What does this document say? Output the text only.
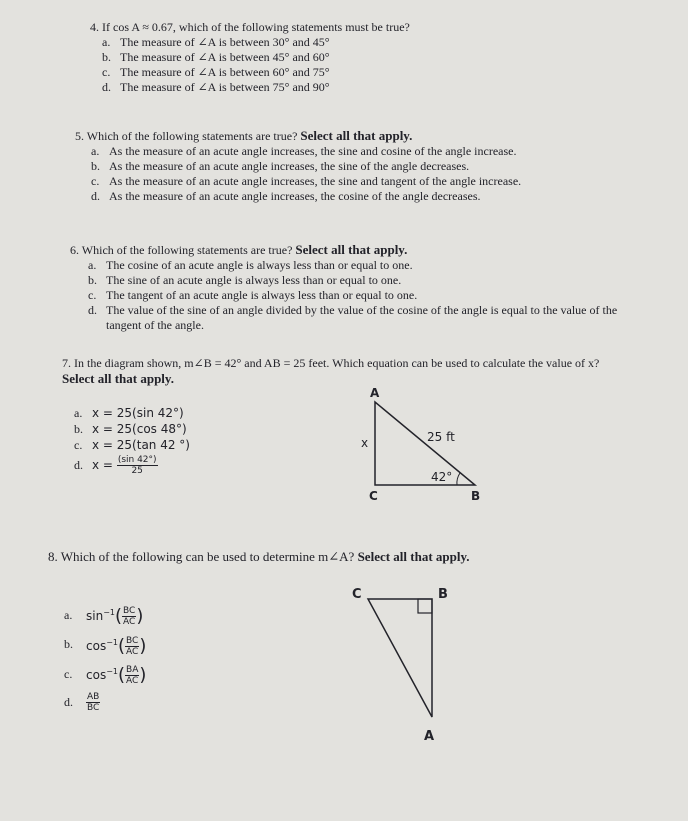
4. If cos A ≈ 0.67, which of the following statements must be true?
a. The measure of ∠A is between 30° and 45°
b. The measure of ∠A is between 45° and 60°
c. The measure of ∠A is between 60° and 75°
d. The measure of ∠A is between 75° and 90°
5. Which of the following statements are true? Select all that apply.
a. As the measure of an acute angle increases, the sine and cosine of the angle increase.
b. As the measure of an acute angle increases, the sine of the angle decreases.
c. As the measure of an acute angle increases, the sine and tangent of the angle increase.
d. As the measure of an acute angle increases, the cosine of the angle decreases.
6. Which of the following statements are true? Select all that apply.
a. The cosine of an acute angle is always less than or equal to one.
b. The sine of an acute angle is always less than or equal to one.
c. The tangent of an acute angle is always less than or equal to one.
d. The value of the sine of an angle divided by the value of the cosine of the angle is equal to the value of the tangent of the angle.
7. In the diagram shown, m∠B = 42° and AB = 25 feet. Which equation can be used to calculate the value of x? Select all that apply.
a. x = 25(sin 42°)
b. x = 25(cos 48°)
c. x = 25(tan 42 °)
d. $x = \frac{(\sin 42^\circ)}{25}$
A
C	B
x	25 ft
42°
8. Which of the following can be used to determine m∠A? Select all that apply.
a.	$\sin^{-1}( \frac{BC}{AC}$ )
b.	$\cos^{-1}( \frac{BC}{AC}$ )
c.	$\cos^{-1}( \frac{BA}{AC}$ )
d.	$\frac{AB}{BC}$
C	B
A
